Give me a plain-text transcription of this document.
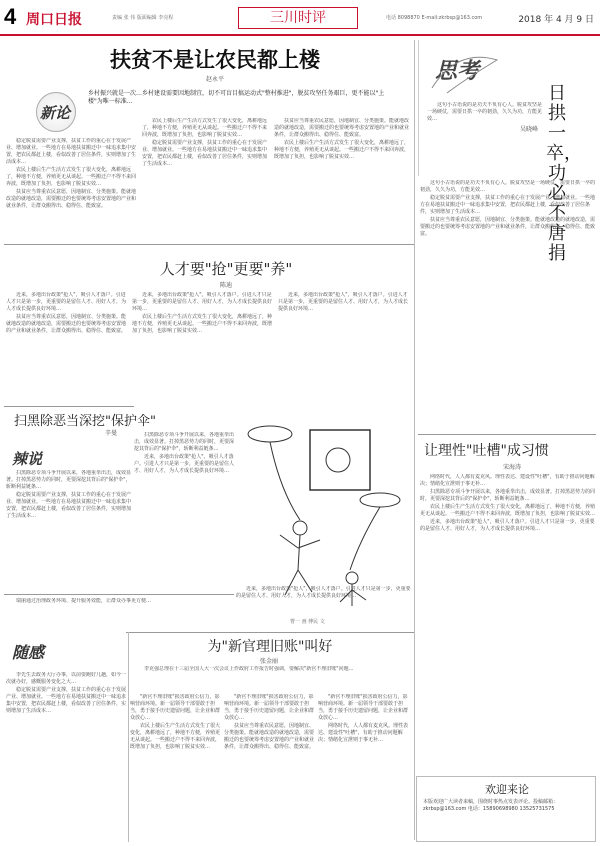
4 周口日报	责编 张 伟 版面编辑 李亮程	三川时评	电话 8098870 E-mail:zkrbsp@163.com	2018 年 4 月 9 日
扶贫不是让农民都上楼
赵永平
乡村振兴就是一次…乡村建设需要因地制宜，切不可盲目搞运动式"整村推进"，脱贫攻坚任务艰巨，更不能以"上楼"为唯一标准…
新论

稳定脱贫需要产业支撑，扶贫工作的重心在于发展产业、增加就业。一些地方在易地扶贫搬迁中一味追求集中安置，把农民都赶上楼，看似改善了居住条件，实则增加了生活成本…

农民上楼后生产生活方式发生了很大变化，离耕地远了，种地不方便，养殖更无从谈起。一些搬迁户不得不来回奔波，既增加了负担，也影响了脱贫实效…

扶贫应当尊重农民意愿，因地制宜、分类施策。能就地改造的就地改造，需要搬迁的也要统筹考虑安置地的产业和就业条件，让群众搬得出、稳得住、能致富。

农民上楼后生产生活方式发生了很大变化，离耕地远了，种地不方便，养殖更无从谈起。一些搬迁户不得不来回奔波，既增加了负担，也影响了脱贫实效…

稳定脱贫需要产业支撑，扶贫工作的重心在于发展产业、增加就业。一些地方在易地扶贫搬迁中一味追求集中安置，把农民都赶上楼，看似改善了居住条件，实则增加了生活成本…

扶贫应当尊重农民意愿，因地制宜、分类施策。能就地改造的就地改造，需要搬迁的也要统筹考虑安置地的产业和就业条件，让群众搬得出、稳得住、能致富。

农民上楼后生产生活方式发生了很大变化，离耕地远了，种地不方便，养殖更无从谈起。一些搬迁户不得不来回奔波，既增加了负担，也影响了脱贫实效…

思考

这句小古语说的是功夫不负有心人。脱贫攻坚是一场硬仗，需要日拱一卒的韧劲，久久为功，方能见效…

日拱一卒，功必不唐捐
吴晓峰

这句小古语说的是功夫不负有心人。脱贫攻坚是一场硬仗，需要日拱一卒的韧劲，久久为功，方能见效…

稳定脱贫需要产业支撑，扶贫工作的重心在于发展产业、增加就业。一些地方在易地扶贫搬迁中一味追求集中安置，把农民都赶上楼，看似改善了居住条件，实则增加了生活成本…

扶贫应当尊重农民意愿，因地制宜、分类施策。能就地改造的就地改造，需要搬迁的也要统筹考虑安置地的产业和就业条件，让群众搬得出、稳得住、能致富。

人才要"抢"更要"养"
陈迪

近来，多地出台政策"抢人"，吸引人才落户。引进人才只是第一步，更重要的是留住人才、用好人才，为人才成长提供良好环境…

扶贫应当尊重农民意愿，因地制宜、分类施策。能就地改造的就地改造，需要搬迁的也要统筹考虑安置地的产业和就业条件，让群众搬得出、稳得住、能致富。

近来，多地出台政策"抢人"，吸引人才落户。引进人才只是第一步，更重要的是留住人才、用好人才，为人才成长提供良好环境…

农民上楼后生产生活方式发生了很大变化，离耕地远了，种地不方便，养殖更无从谈起。一些搬迁户不得不来回奔波，既增加了负担，也影响了脱贫实效…

近来，多地出台政策"抢人"，吸引人才落户。引进人才只是第一步，更重要的是留住人才、用好人才，为人才成长提供良好环境…

扫黑除恶当深挖"保护伞"
辛曼
辣说

扫黑除恶专项斗争开展以来，各地重拳出击，成效显著。打掉黑恶势力的同时，更要深挖其背后的"保护伞"，斩断利益链条…

稳定脱贫需要产业支撑，扶贫工作的重心在于发展产业、增加就业。一些地方在易地扶贫搬迁中一味追求集中安置，把农民都赶上楼，看似改善了居住条件，实则增加了生活成本…

扫黑除恶专项斗争开展以来，各地重拳出击，成效显著。打掉黑恶势力的同时，更要深挖其背后的"保护伞"，斩断利益链条…

近来，多地出台政策"抢人"，吸引人才落户。引进人才只是第一步，更重要的是留住人才、用好人才，为人才成长提供良好环境…

近来，多地出台政策"抢人"，吸引人才落户。引进人才只是第一步，更重要的是留住人才、用好人才，为人才成长提供良好环境…

曹一 画 傅民 文
让理性"吐槽"成习惯
宋海涛

网络时代，人人都有麦克风。理性表达、建设性"吐槽"，有助于推动问题解决；情绪化宣泄则于事无补…

扫黑除恶专项斗争开展以来，各地重拳出击，成效显著。打掉黑恶势力的同时，更要深挖其背后的"保护伞"，斩断利益链条…

农民上楼后生产生活方式发生了很大变化，离耕地远了，种地不方便，养殖更无从谈起。一些搬迁户不得不来回奔波，既增加了负担，也影响了脱贫实效…

近来，多地出台政策"抢人"，吸引人才落户。引进人才只是第一步，更重要的是留住人才、用好人才，为人才成长提供良好环境…

瑞丽通过治理政务环境、提升服务效能，让群众办事更方便…

随感

李先生去政务大厅办事，以前要跑好几趟，如今一次就办好，感慨服务变化之大…

稳定脱贫需要产业支撑，扶贫工作的重心在于发展产业、增加就业。一些地方在易地扶贫搬迁中一味追求集中安置，把农民都赶上楼，看似改善了居住条件，实则增加了生活成本…

为"新官理旧账"叫好
张金丽

李克强总理在十三届全国人大一次会议上作政府工作报告时强调，要解决"新官不理旧账"问题…

"新官不理旧账"损害政府公信力，影响营商环境。新一届领导干部要敢于担当，勇于接手历史遗留问题，让企业和群众放心…

农民上楼后生产生活方式发生了很大变化，离耕地远了，种地不方便，养殖更无从谈起。一些搬迁户不得不来回奔波，既增加了负担，也影响了脱贫实效…

"新官不理旧账"损害政府公信力，影响营商环境。新一届领导干部要敢于担当，勇于接手历史遗留问题，让企业和群众放心…

扶贫应当尊重农民意愿，因地制宜、分类施策。能就地改造的就地改造，需要搬迁的也要统筹考虑安置地的产业和就业条件，让群众搬得出、稳得住、能致富。

"新官不理旧账"损害政府公信力，影响营商环境。新一届领导干部要敢于担当，勇于接手历史遗留问题，让企业和群众放心…

网络时代，人人都有麦克风。理性表达、建设性"吐槽"，有助于推动问题解决；情绪化宣泄则于事无补…

欢迎来论
本版欢迎广大读者来稿，围绕时事热点发表评论。投稿邮箱：zkrbsp@163.com 电话：15890698980 13525731575
